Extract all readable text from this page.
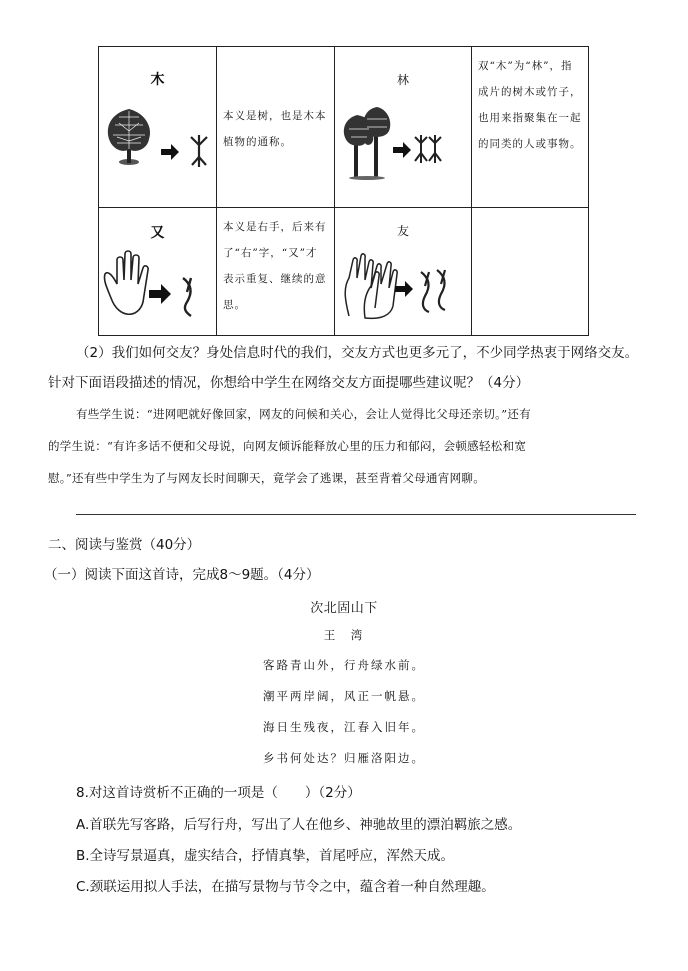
木	本义是树，也是木本植物的通称。	林	双“木”为“林”，指成片的树木或竹子，也用来指聚集在一起的同类的人或事物。

又	本义是右手，后来有了“右”字，“又”才表示重复、继续的意思。	友	

（2）我们如何交友？身处信息时代的我们，交友方式也更多元了，不少同学热衷于网络交友。
针对下面语段描述的情况，你想给中学生在网络交友方面提哪些建议呢？（4分）
有些学生说：“进网吧就好像回家，网友的问候和关心，会让人觉得比父母还亲切。”还有
的学生说：“有许多话不便和父母说，向网友倾诉能释放心里的压力和郁闷，会顿感轻松和宽
慰。”还有些中学生为了与网友长时间聊天，竟学会了逃课，甚至背着父母通宵网聊。
二、阅读与鉴赏（40分）
（一）阅读下面这首诗，完成8～9题。（4分）
次北固山下
王　湾
客路青山外，行舟绿水前。
潮平两岸阔，风正一帆悬。
海日生残夜，江春入旧年。
乡书何处达？归雁洛阳边。
8.对这首诗赏析不正确的一项是（　　）（2分）
A.首联先写客路，后写行舟，写出了人在他乡、神驰故里的漂泊羁旅之感。
B.全诗写景逼真，虚实结合，抒情真挚，首尾呼应，浑然天成。
C.颈联运用拟人手法，在描写景物与节令之中，蕴含着一种自然理趣。
